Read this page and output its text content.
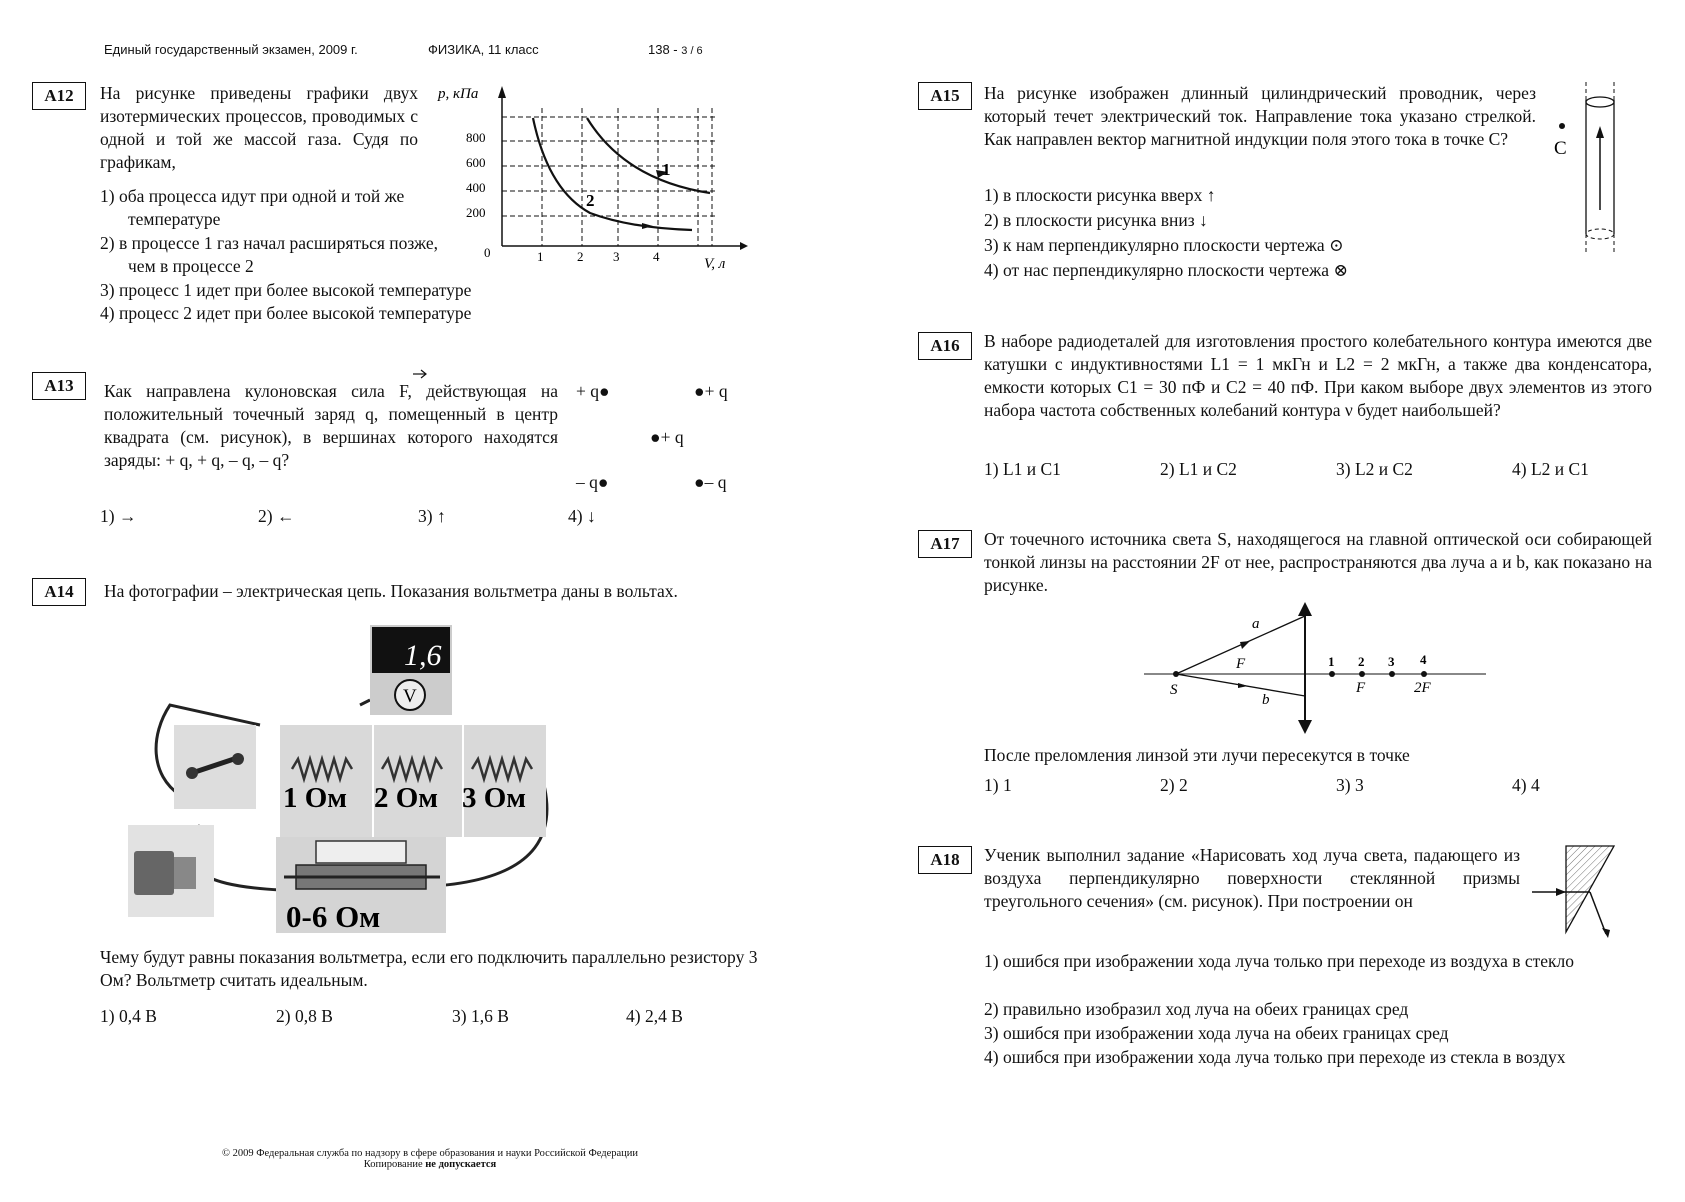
Единый государственный экзамен, 2009 г.	ФИЗИКА, 11 класс	138 - 3 / 6
А12	На рисунке приведены графики двух изотермических процессов, проводимых с одной и той же массой газа. Судя по графикам,
1) оба процесса идут при одной и той же температуре
2) в процессе 1 газ начал расширяться позже, чем в процессе 2
3) процесс 1 идет при более высокой температуре
4) процесс 2 идет при более высокой температуре
p, кПа
V, л
0
800
600
400
200
1	2 3	4
1
2
А13	Как направлена кулоновская сила F, действующая на положительный точечный заряд q, помещенный в центр квадрата (см. рисунок), в вершинах которого находятся заряды: + q, + q, – q, – q?
+ q●	●+ q
●+ q
– q●	●– q
1) →	2) ←	3) ↑	4) ↓
А14	На фотографии – электрическая цепь. Показания вольтметра даны в вольтах.
1 Ом 2 Ом 3 Ом
1,6
V
0-6 Ом
Чему будут равны показания вольтметра, если его подключить параллельно резистору 3 Ом? Вольтметр считать идеальным.
1) 0,4 В	2) 0,8 В	3) 1,6 В	4) 2,4 В
© 2009 Федеральная служба по надзору в сфере образования и науки Российской Федерации
Копирование не допускается
А15	На рисунке изображен длинный цилиндрический проводник, через который течет электрический ток. Направление тока указано стрелкой. Как направлен вектор магнитной индукции поля этого тока в точке С?	С
1) в плоскости рисунка вверх ↑
2) в плоскости рисунка вниз ↓
3) к нам перпендикулярно плоскости чертежа ⊙
4) от нас перпендикулярно плоскости чертежа ⊗
А16	В наборе радиодеталей для изготовления простого колебательного контура имеются две катушки с индуктивностями L1 = 1 мкГн и L2 = 2 мкГн, а также два конденсатора, емкости которых C1 = 30 пФ и C2 = 40 пФ. При каком выборе двух элементов из этого набора частота собственных колебаний контура ν будет наибольшей?
1) L1 и C1	2) L1 и C2	3) L2 и C2	4) L2 и C1
А17	От точечного источника света S, находящегося на главной оптической оси собирающей тонкой линзы на расстоянии 2F от нее, распространяются два луча a и b, как показано на рисунке.
S
a
b
F	1 2 3 4
F	2F
После преломления линзой эти лучи пересекутся в точке
1) 1	2) 2	3) 3	4) 4
А18	Ученик выполнил задание «Нарисовать ход луча света, падающего из воздуха перпендикулярно поверхности стеклянной призмы треугольного сечения» (см. рисунок). При построении он
1) ошибся при изображении хода луча только при переходе из воздуха в стекло
2) правильно изобразил ход луча на обеих границах сред
3) ошибся при изображении хода луча на обеих границах сред
4) ошибся при изображении хода луча только при переходе из стекла в воздух
